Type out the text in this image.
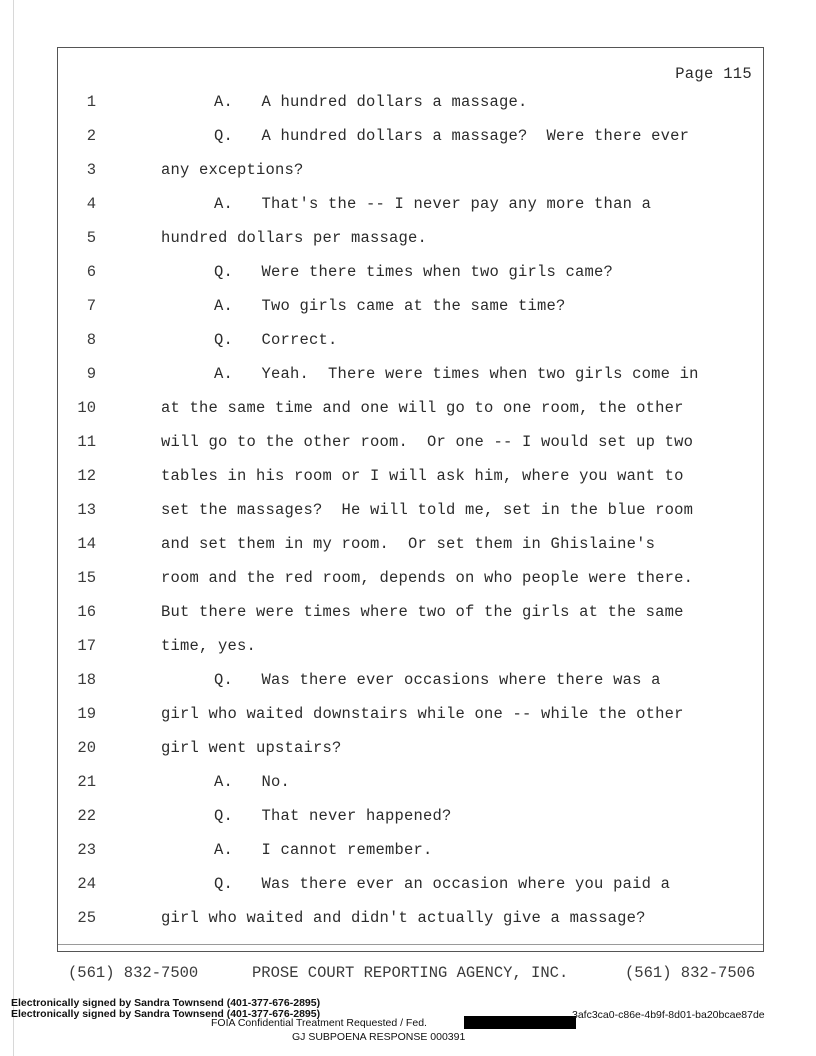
Page 115
1	A.   A hundred dollars a massage.
2	Q.   A hundred dollars a massage?  Were there ever
3	any exceptions?
4	A.   That's the -- I never pay any more than a
5	hundred dollars per massage.
6	Q.   Were there times when two girls came?
7	A.   Two girls came at the same time?
8	Q.   Correct.
9	A.   Yeah.  There were times when two girls come in
10	at the same time and one will go to one room, the other
11	will go to the other room.  Or one -- I would set up two
12	tables in his room or I will ask him, where you want to
13	set the massages?  He will told me, set in the blue room
14	and set them in my room.  Or set them in Ghislaine's
15	room and the red room, depends on who people were there.
16	But there were times where two of the girls at the same
17	time, yes.
18	Q.   Was there ever occasions where there was a
19	girl who waited downstairs while one -- while the other
20	girl went upstairs?
21	A.   No.
22	Q.   That never happened?
23	A.   I cannot remember.
24	Q.   Was there ever an occasion where you paid a
25	girl who waited and didn't actually give a massage?
(561) 832-7500	PROSE COURT REPORTING AGENCY, INC.	(561) 832-7506
Electronically signed by Sandra Townsend (401-377-676-2895)
Electronically signed by Sandra Townsend (401-377-676-2895)
FOIA Confidential Treatment Requested / Fed.
3afc3ca0-c86e-4b9f-8d01-ba20bcae87de
GJ SUBPOENA RESPONSE 000391
